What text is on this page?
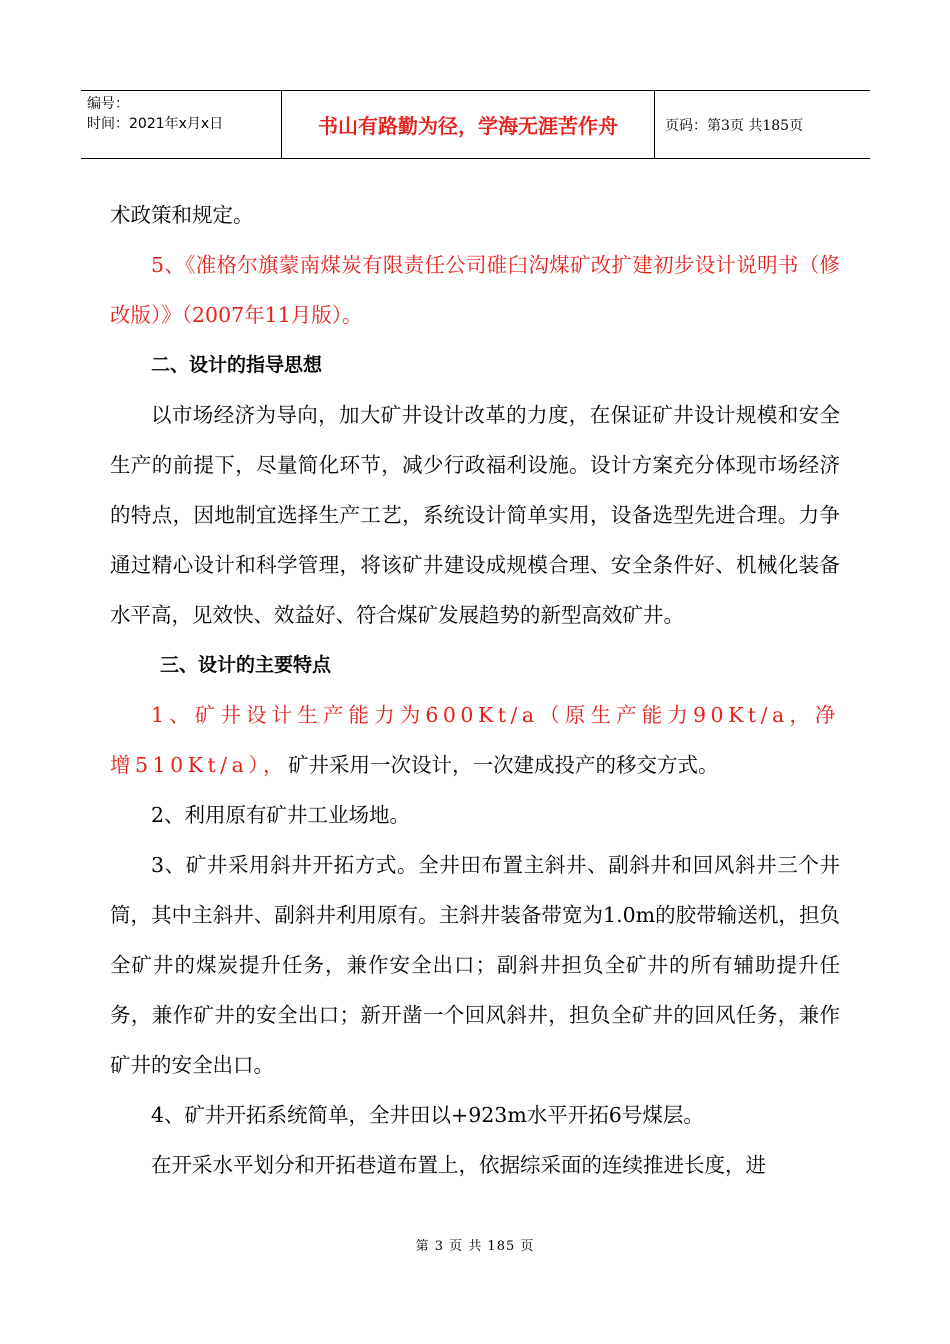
编号：
时间：2021年x月x日	书山有路勤为径，学海无涯苦作舟	页码：第3页 共185页

术政策和规定。

5、《准格尔旗蒙南煤炭有限责任公司碓臼沟煤矿改扩建初步设计说明书（修改版）》（2007年11月版）。

二、设计的指导思想

以市场经济为导向，加大矿井设计改革的力度，在保证矿井设计规模和安全生产的前提下，尽量简化环节，减少行政福利设施。设计方案充分体现市场经济的特点，因地制宜选择生产工艺，系统设计简单实用，设备选型先进合理。力争通过精心设计和科学管理，将该矿井建设成规模合理、安全条件好、机械化装备水平高，见效快、效益好、符合煤矿发展趋势的新型高效矿井。

三、设计的主要特点

1、矿井设计生产能力为600Kt/a（原生产能力90Kt/a，净增510Kt/a），矿井采用一次设计，一次建成投产的移交方式。

2、利用原有矿井工业场地。

3、矿井采用斜井开拓方式。全井田布置主斜井、副斜井和回风斜井三个井筒，其中主斜井、副斜井利用原有。主斜井装备带宽为1.0m的胶带输送机，担负全矿井的煤炭提升任务，兼作安全出口；副斜井担负全矿井的所有辅助提升任务，兼作矿井的安全出口；新开凿一个回风斜井，担负全矿井的回风任务，兼作矿井的安全出口。

4、矿井开拓系统简单，全井田以+923m水平开拓6号煤层。

在开采水平划分和开拓巷道布置上，依据综采面的连续推进长度，进

第 3 页 共 185 页
